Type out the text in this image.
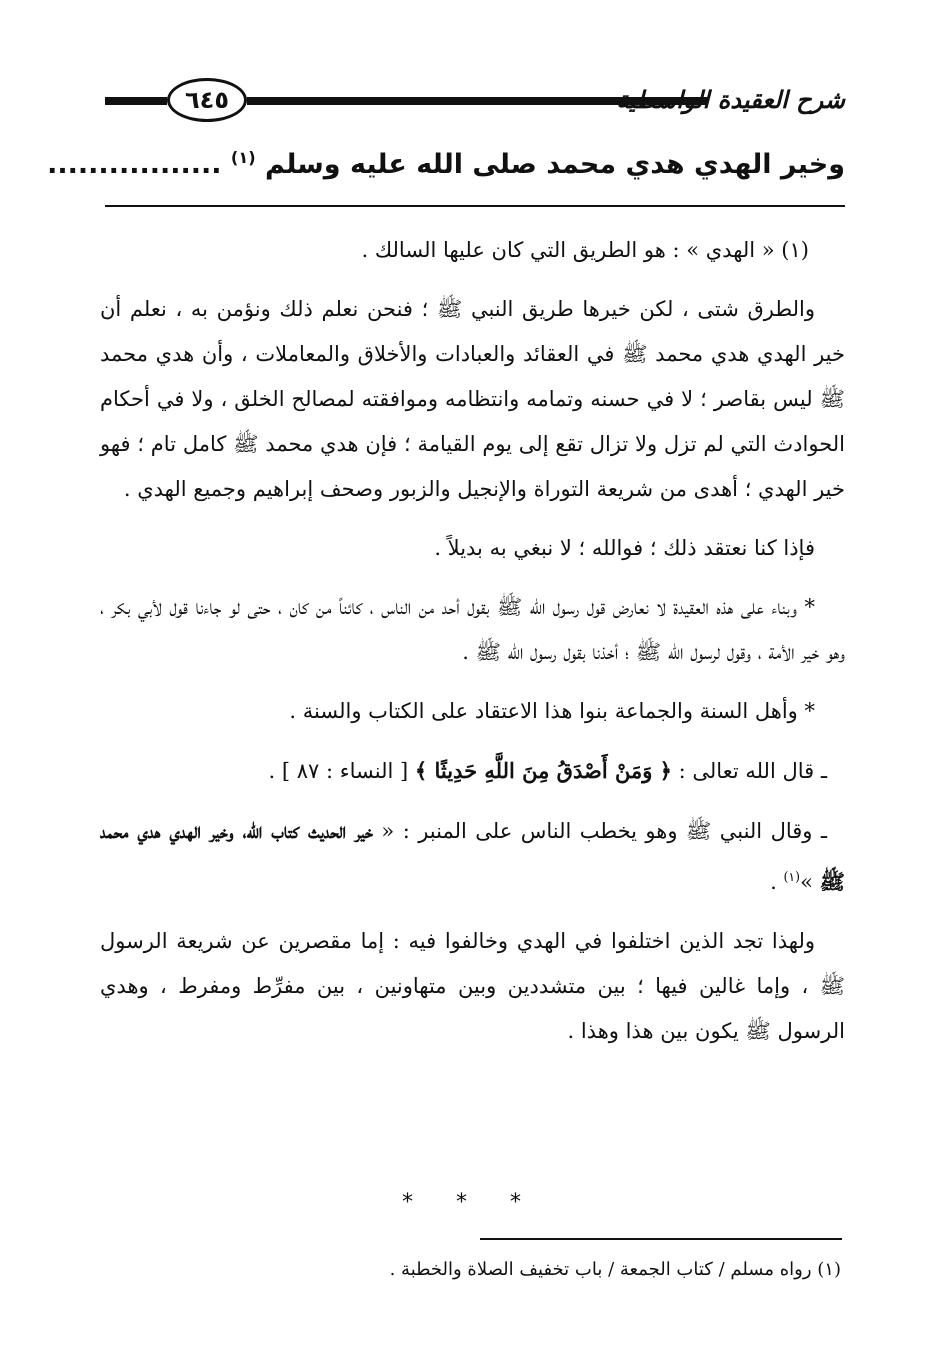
٦٤٥	شرح العقيدة الواسطية
وخير الهدي هدي محمد صلى الله عليه وسلم $^{(١)}$ .................

(١) « الهدي » : هو الطريق التي كان عليها السالك .

والطرق شتى ، لكن خيرها طريق النبي ﷺ ؛ فنحن نعلم ذلك ونؤمن به ، نعلم أن خير الهدي هدي محمد ﷺ في العقائد والعبادات والأخلاق والمعاملات ، وأن هدي محمد ﷺ ليس بقاصر ؛ لا في حسنه وتمامه وانتظامه وموافقته لمصالح الخلق ، ولا في أحكام الحوادث التي لم تزل ولا تزال تقع إلى يوم القيامة ؛ فإن هدي محمد ﷺ كامل تام ؛ فهو خير الهدي ؛ أهدى من شريعة التوراة والإنجيل والزبور وصحف إبراهيم وجميع الهدي .

فإذا كنا نعتقد ذلك ؛ فوالله ؛ لا نبغي به بديلاً .

* وبناء على هذه العقيدة لا نعارض قول رسول الله ﷺ بقول أحد من الناس ، كائناً من كان ، حتى لو جاءنا قول لأبي بكر ، وهو خير الأمة ، وقول لرسول الله ﷺ ؛ أخذنا بقول رسول الله ﷺ .

* وأهل السنة والجماعة بنوا هذا الاعتقاد على الكتاب والسنة .

ـ قال الله تعالى : ﴿ وَمَنْ أَصْدَقُ مِنَ اللَّهِ حَدِيثًا ﴾ [ النساء : ٨٧ ] .

ـ وقال النبي ﷺ وهو يخطب الناس على المنبر : « خير الحديث كتاب الله، وخير الهدي هدي محمد ﷺ »$^{(١)}$ .

ولهذا تجد الذين اختلفوا في الهدي وخالفوا فيه : إما مقصرين عن شريعة الرسول ﷺ ، وإما غالين فيها ؛ بين متشددين وبين متهاونين ، بين مفرِّط ومفرط ، وهدي الرسول ﷺ يكون بين هذا وهذا .

* * *
(١) رواه مسلم / كتاب الجمعة / باب تخفيف الصلاة والخطبة .
